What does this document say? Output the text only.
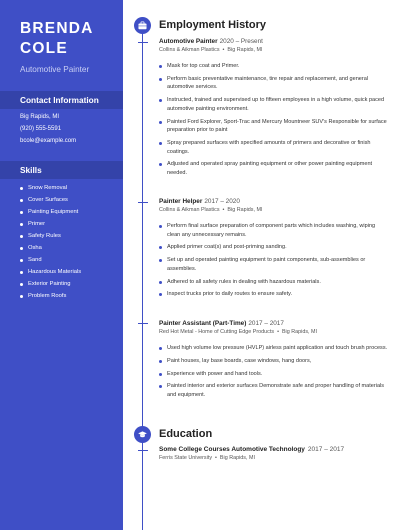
BRENDA
COLE
Automotive Painter
Contact Information
Big Rapids, MI
(920) 555-5591
bcole@example.com
Skills
Snow Removal
Cover Surfaces
Painting Equipment
Primer
Safety Rules
Osha
Sand
Hazardous Materials
Exterior Painting
Problem Roofs
Employment History
Automotive Painter 2020 – Present
Collins & Aikman Plastics • Big Rapids, MI
Mask for top coat and Primer.
Perform basic preventative maintenance, tire repair and replacement, and general automotive services.
Instructed, trained and supervised up to fifteen employees in a high volume, quick paced automotive painting environment.
Painted Ford Explorer, Sport-Trac and Mercury Mountneer SUV's Responsible for surface preparation prior to paint
Spray prepared surfaces with specified amounts of primers and decorative or finish coatings.
Adjusted and operated spray painting equipment or other power painting equipment needed.
Painter Helper 2017 – 2020
Collins & Aikman Plastics • Big Rapids, MI
Perform final surface preparation of component parts which includes washing, wiping clean any unnecessary remains.
Applied primer coat(s) and post-priming sanding.
Set up and operated painting equipment to paint components, sub-assemblies or assemblies.
Adhered to all safety rules in dealing with hazardous materials.
Inspect trucks prior to daily routes to ensure safety.
Painter Assistant (Part-Time) 2017 – 2017
Red Hot Metal - Home of Cutting Edge Products • Big Rapids, MI
Used high volume low pressure (HVLP) airless paint application and touch brush process.
Paint houses, lay base boards, case windows, hang doors,
Experience with power and hand tools.
Painted interior and exterior surfaces Demonstrate safe and proper handling of materials and equipment.
Education
Some College Courses Automotive Technology 2017 – 2017
Ferris State University • Big Rapids, MI
